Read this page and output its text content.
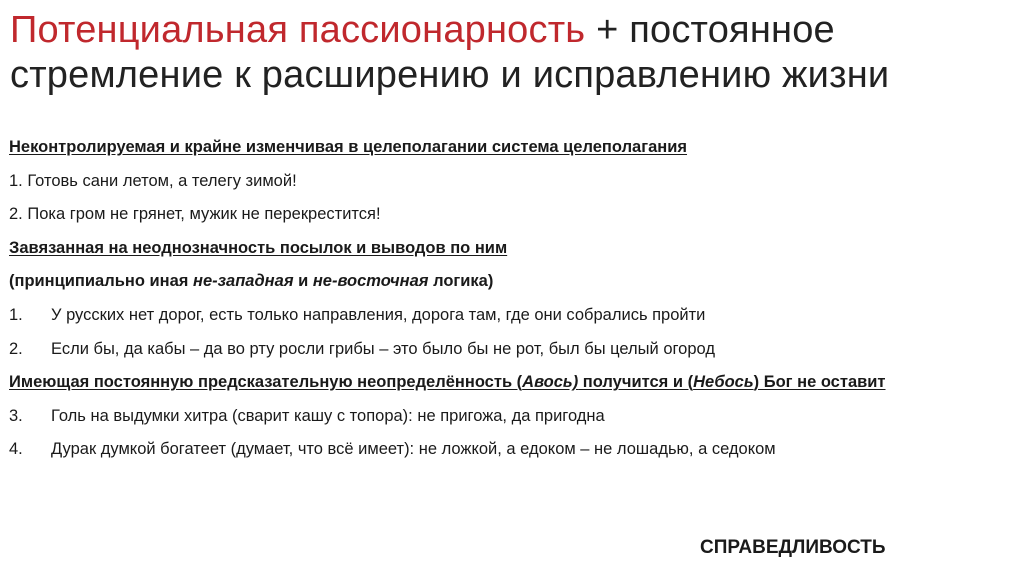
Потенциальная пассионарность + постоянное стремление к расширению и исправлению жизни
Неконтролируемая и крайне изменчивая в целеполагании система целеполагания
1. Готовь сани летом, а телегу зимой!
2. Пока гром не грянет, мужик не перекрестится!
Завязанная на неоднозначность посылок и выводов по ним
(принципиально иная не-западная и не-восточная логика)
1. У русских нет дорог, есть только направления, дорога там, где они собрались пройти
2. Если бы, да кабы – да во рту росли грибы – это было бы не рот, был бы целый огород
Имеющая постоянную предсказательную неопределённость (Авось) получится и (Небось) Бог не оставит
3. Голь на выдумки хитра (сварит кашу с топора): не пригожа, да пригодна
4. Дурак думкой богатеет (думает, что всё имеет): не ложкой, а едоком – не лошадью, а седоком
СПРАВЕДЛИВОСТЬ
